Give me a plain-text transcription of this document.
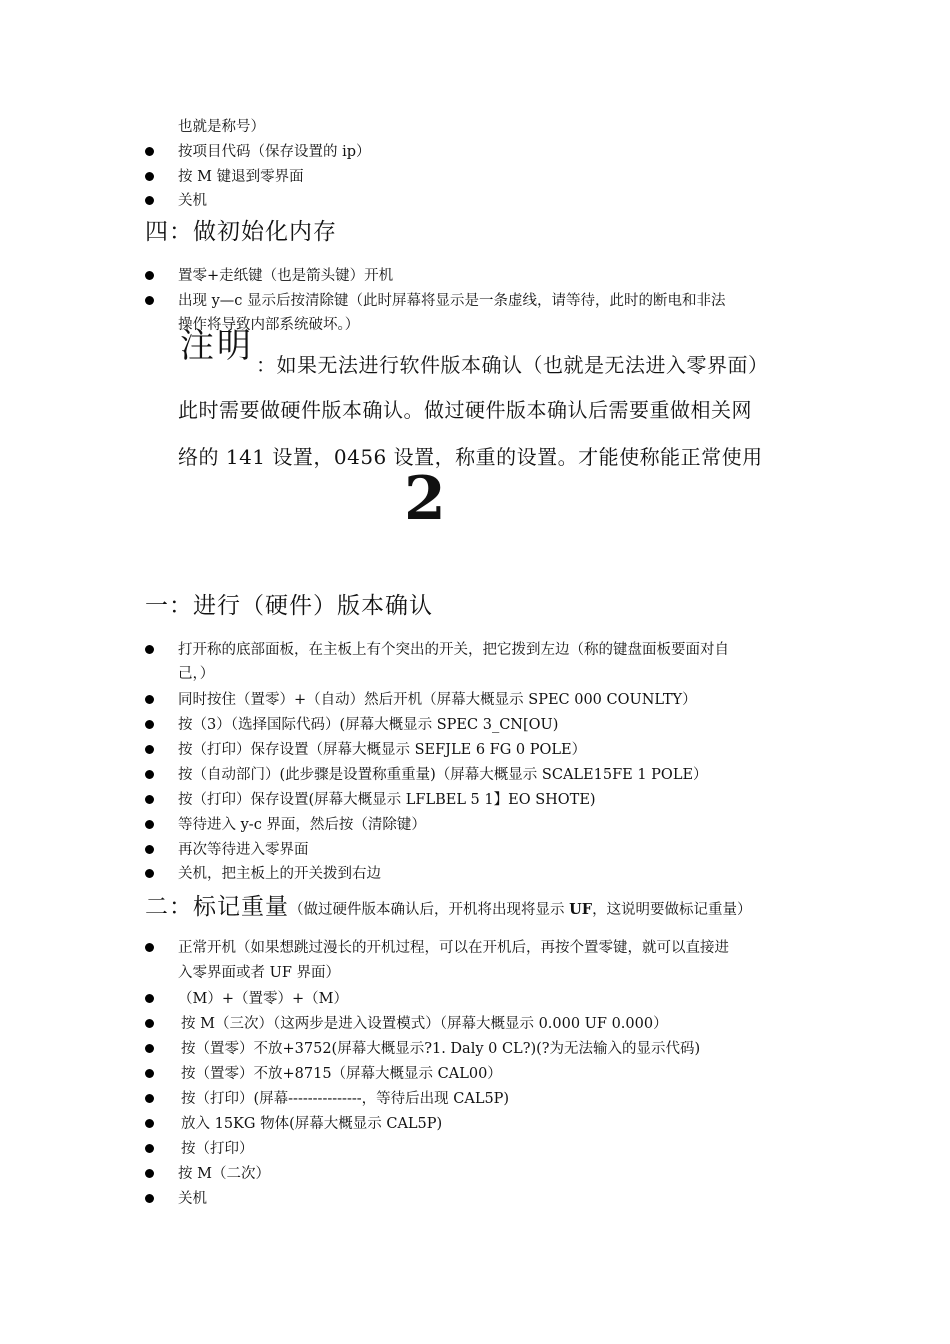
也就是称号）
按项目代码（保存设置的 ip）
按 M 键退到零界面
关机
四：做初始化内存
置零+走纸键（也是箭头键）开机
出现 y—c 显示后按清除键（此时屏幕将显示是一条虚线，请等待，此时的断电和非法
操作将导致内部系统破坏。）
注明 ：如果无法进行软件版本确认（也就是无法进入零界面）
此时需要做硬件版本确认。做过硬件版本确认后需要重做相关网
络的 141 设置，0456 设置，称重的设置。才能使称能正常使用
2
一：进行（硬件）版本确认
打开称的底部面板，在主板上有个突出的开关，把它拨到左边（称的键盘面板要面对自
己，）
同时按住（置零）+（自动）然后开机（屏幕大概显示 SPEC 000 COUNLTY）
按（3）（选择国际代码）(屏幕大概显示 SPEC 3_CN[OU)
按（打印）保存设置（屏幕大概显示 SEFJLE 6 FG 0 POLE）
按（自动部门）(此步骤是设置称重重量)（屏幕大概显示 SCALE15FE 1 POLE）
按（打印）保存设置(屏幕大概显示 LFLBEL 5 1】EO SHOTE)
等待进入 y-c 界面，然后按（清除键）
再次等待进入零界面
关机，把主板上的开关拨到右边
二：标记重量（做过硬件版本确认后，开机将出现将显示 UF，这说明要做标记重量）
正常开机（如果想跳过漫长的开机过程，可以在开机后，再按个置零键，就可以直接进
入零界面或者 UF 界面）
（M）+（置零）+（M）
按 M（三次）（这两步是进入设置模式）（屏幕大概显示 0.000 UF 0.000）
按（置零）不放+3752(屏幕大概显示?1. Daly 0 CL?)(?为无法输入的显示代码)
按（置零）不放+8715（屏幕大概显示 CAL00）
按（打印）(屏幕---------------，等待后出现 CAL5P)
放入 15KG 物体(屏幕大概显示 CAL5P)
按（打印）
按 M（二次）
关机
